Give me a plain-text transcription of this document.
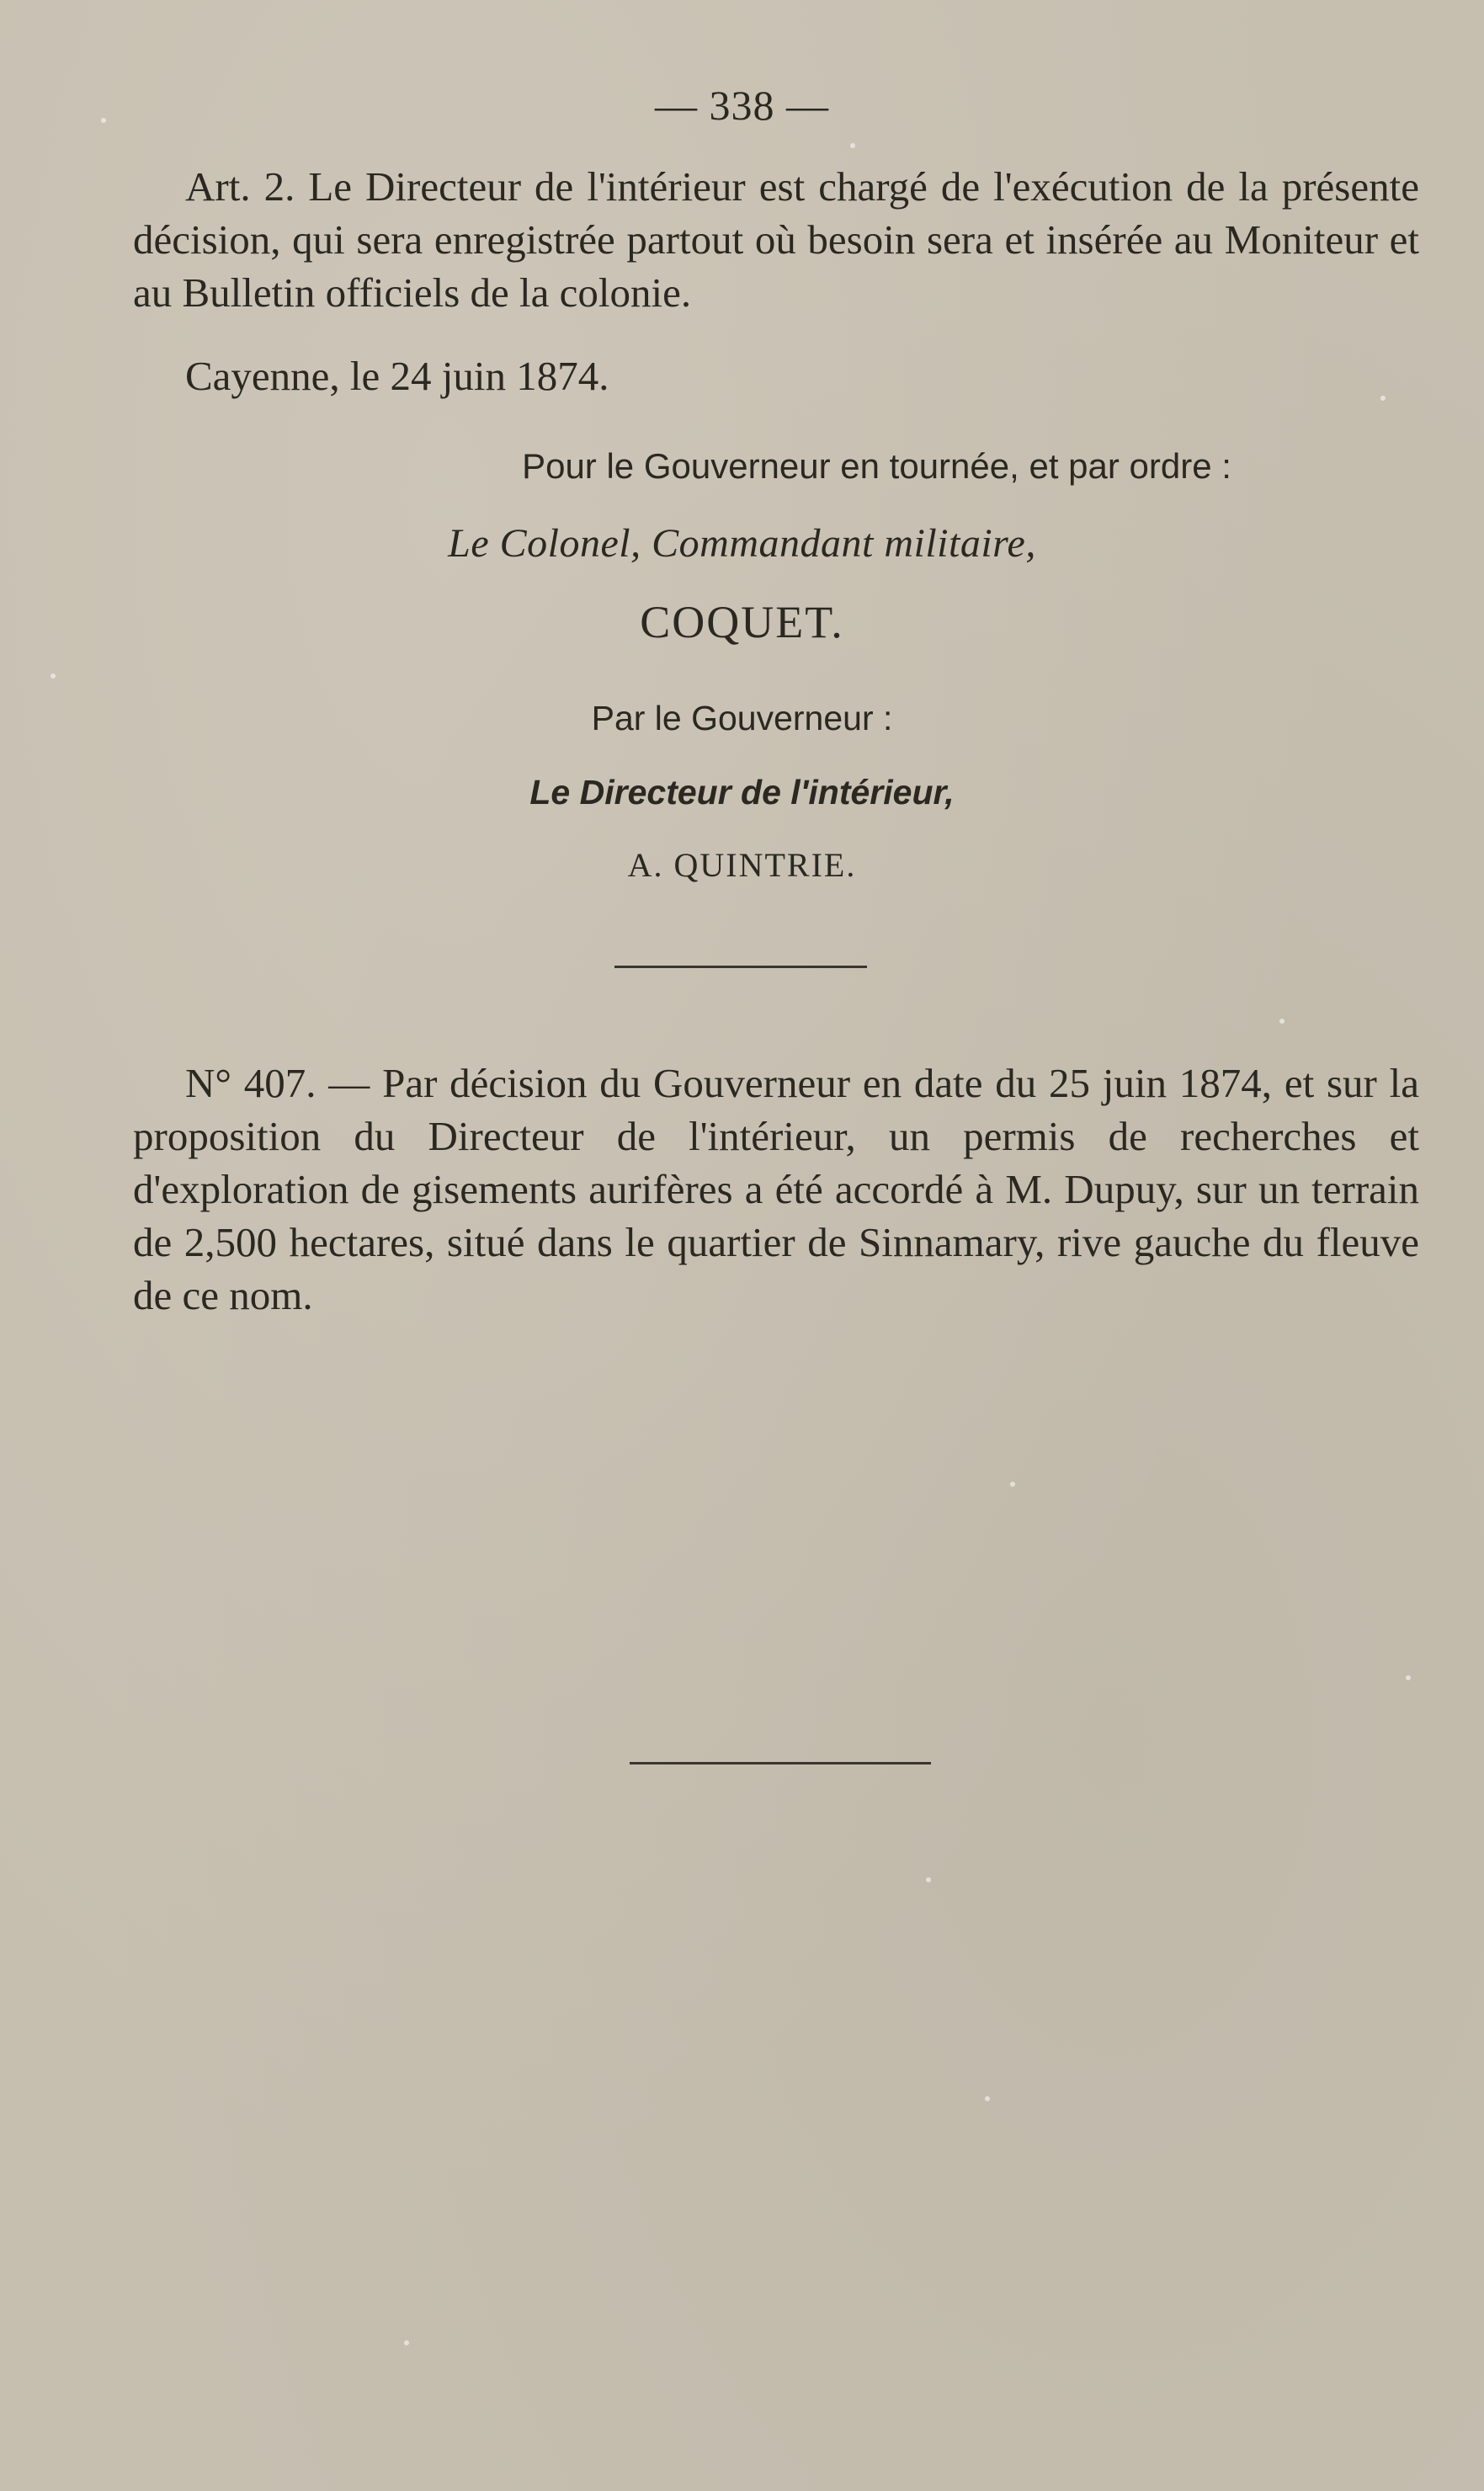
— 338 —

Art. 2. Le Directeur de l'intérieur est chargé de l'exécution de la présente décision, qui sera enregistrée partout où besoin sera et insérée au Moniteur et au Bulletin officiels de la colonie.

Cayenne, le 24 juin 1874.
Pour le Gouverneur en tournée, et par ordre :
Le Colonel, Commandant militaire,
COQUET.
Par le Gouverneur :
Le Directeur de l'intérieur,
A. QUINTRIE.

N° 407. — Par décision du Gouverneur en date du 25 juin 1874, et sur la proposition du Directeur de l'intérieur, un permis de recherches et d'exploration de gisements aurifères a été accordé à M. Dupuy, sur un terrain de 2,500 hectares, situé dans le quartier de Sinnamary, rive gauche du fleuve de ce nom.
